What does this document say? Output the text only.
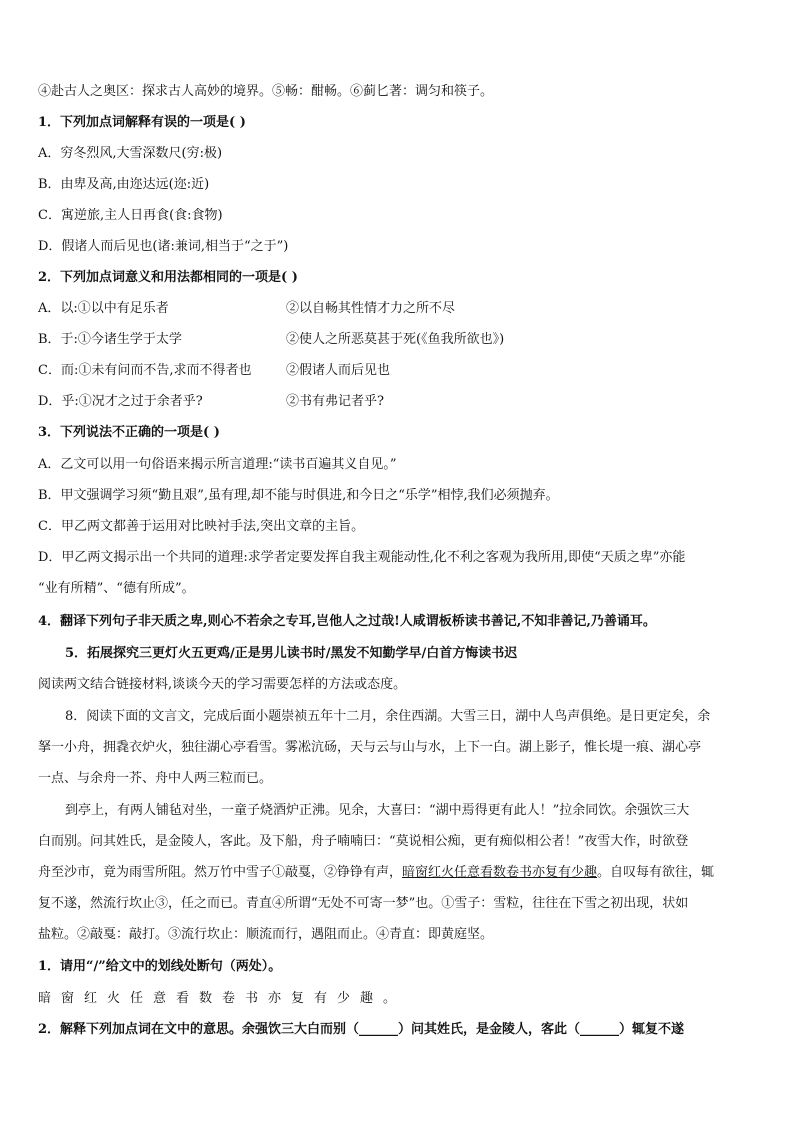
④赴古人之奥区：探求古人高妙的境界。⑤畅：酣畅。⑥蓟匕著：调匀和筷子。
1．下列加点词解释有误的一项是( )
A．穷冬烈风,大雪深数尺(穷:极)
B．由卑及高,由迩达远(迩:近)
C．寓逆旅,主人日再食(食:食物)
D．假诸人而后见也(诸:兼词,相当于“之于”)
2．下列加点词意义和用法都相同的一项是( )
A．以:①以中有足乐者	②以自畅其性情才力之所不尽
B．于:①今诸生学于太学	②使人之所恶莫甚于死(《鱼我所欲也》)
C．而:①未有问而不告,求而不得者也	②假诸人而后见也
D．乎:①况才之过于余者乎?	②书有弗记者乎?
3．下列说法不正确的一项是( )
A．乙文可以用一句俗语来揭示所言道理:“读书百遍其义自见。”
B．甲文强调学习须“勤且艰”,虽有理,却不能与时俱进,和今日之“乐学”相悖,我们必须抛弃。
C．甲乙两文都善于运用对比映衬手法,突出文章的主旨。
D．甲乙两文揭示出一个共同的道理:求学者定要发挥自我主观能动性,化不利之客观为我所用,即使“天质之卑”亦能
“业有所精”、“德有所成”。
4．翻译下列句子非天质之卑,则心不若余之专耳,岂他人之过哉!人咸谓板桥读书善记,不知非善记,乃善诵耳。
5．拓展探究三更灯火五更鸡/正是男儿读书时/黑发不知勤学早/白首方悔读书迟
阅读两文结合链接材料,谈谈今天的学习需要怎样的方法或态度。
8．阅读下面的文言文，完成后面小题崇祯五年十二月，余住西湖。大雪三日，湖中人鸟声俱绝。是日更定矣，余
拏一小舟，拥毳衣炉火，独往湖心亭看雪。雾凇沆砀，天与云与山与水，上下一白。湖上影子，惟长堤一痕、湖心亭
一点、与余舟一芥、舟中人两三粒而已。
到亭上，有两人铺毡对坐，一童子烧酒炉正沸。见余，大喜曰：“湖中焉得更有此人！”拉余同饮。余强饮三大
白而别。问其姓氏，是金陵人，客此。及下船，舟子喃喃曰：“莫说相公痴，更有痴似相公者！”夜雪大作，时欲登
舟至沙市，竟为雨雪所阻。然万竹中雪子①敲戛，②铮铮有声，暗窗红火任意看数卷书亦复有少趣。自叹每有欲往，辄
复不遂，然流行坎止③，任之而已。青直④所谓“无处不可寄一梦”也。①雪子：雪粒，往往在下雪之初出现，状如
盐粒。②敲戛：敲打。③流行坎止：顺流而行，遇阻而止。④青直：即黄庭坚。
1．请用“/”给文中的划线处断句（两处）。
暗窗红火任意看数卷书亦复有少趣。
2．解释下列加点词在文中的意思。余强饮三大白而别（______）问其姓氏，是金陵人，客此（______）辄复不遂
